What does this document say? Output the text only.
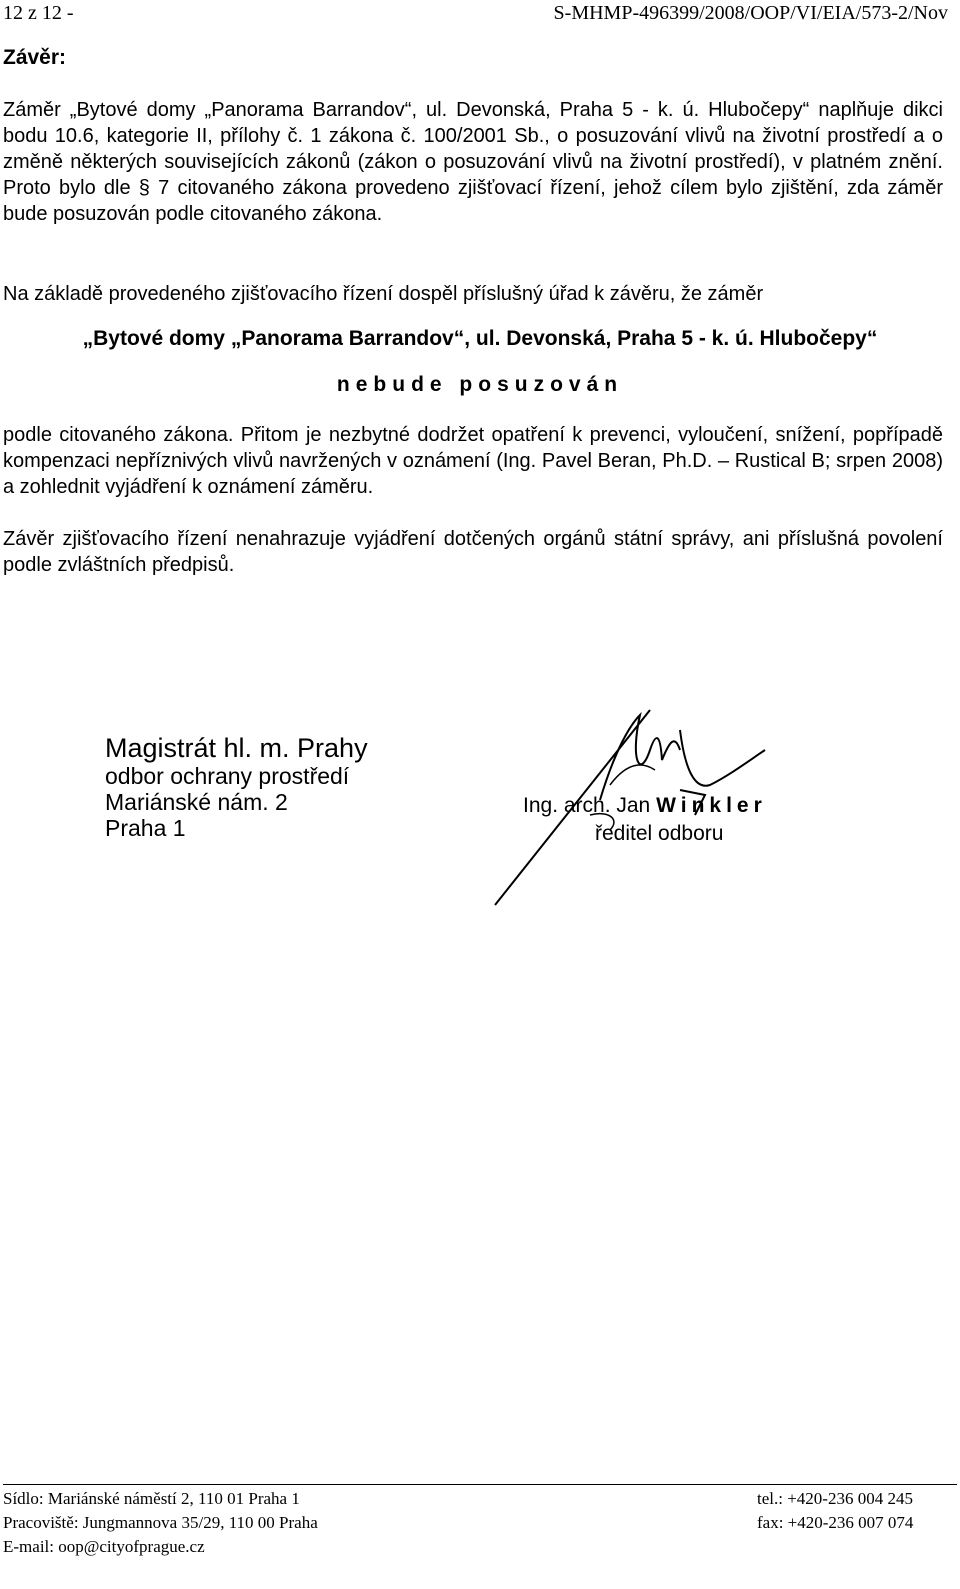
12 z 12 -	S-MHMP-496399/2008/OOP/VI/EIA/573-2/Nov
Závěr:

Záměr „Bytové domy „Panorama Barrandov“, ul. Devonská, Praha 5 - k. ú. Hlubočepy“ naplňuje dikci bodu 10.6, kategorie II, přílohy č. 1 zákona č. 100/2001 Sb., o posuzování vlivů na životní prostředí a o změně některých souvisejících zákonů (zákon o posuzování vlivů na životní prostředí), v platném znění. Proto bylo dle § 7 citovaného zákona provedeno zjišťovací řízení, jehož cílem bylo zjištění, zda záměr bude posuzován podle citovaného zákona.

Na základě provedeného zjišťovacího řízení dospěl příslušný úřad k závěru, že záměr

„Bytové domy „Panorama Barrandov“, ul. Devonská, Praha 5 - k. ú. Hlubočepy“
nebude posuzován

podle citovaného zákona. Přitom je nezbytné dodržet opatření k prevenci, vyloučení, snížení, popřípadě kompenzaci nepříznivých vlivů navržených v oznámení (Ing. Pavel Beran, Ph.D. – Rustical B; srpen 2008) a zohlednit vyjádření k oznámení záměru.

Závěr zjišťovacího řízení nenahrazuje vyjádření dotčených orgánů státní správy, ani příslušná povolení podle zvláštních předpisů.

Magistrát hl. m. Prahy
odbor ochrany prostředí
Mariánské nám. 2
Praha 1
Ing. arch. Jan Winkler
ředitel odboru
Sídlo: Mariánské náměstí 2, 110 01 Praha 1
Pracoviště: Jungmannova 35/29, 110 00 Praha
E-mail: oop@cityofprague.cz
tel.: +420-236 004 245
fax: +420-236 007 074
